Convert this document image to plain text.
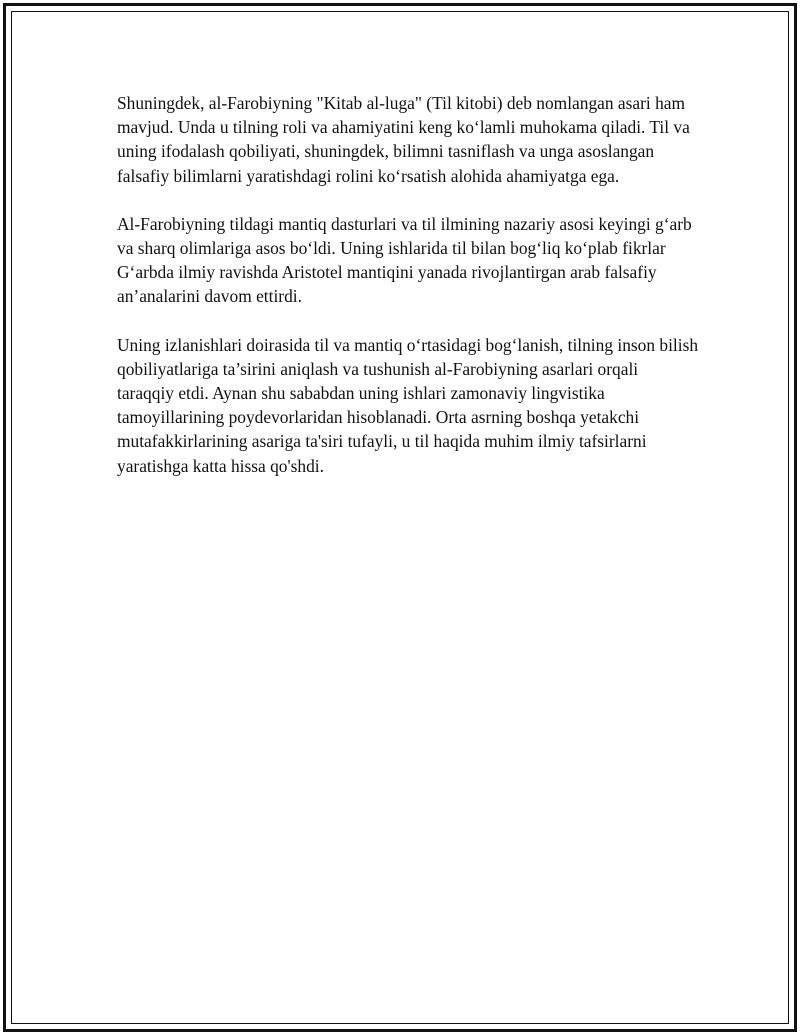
Shuningdek, al-Farobiyning "Kitab al-luga" (Til kitobi) deb nomlangan asari ham mavjud. Unda u tilning roli va ahamiyatini keng ko‘lamli muhokama qiladi. Til va uning ifodalash qobiliyati, shuningdek, bilimni tasniflash va unga asoslangan falsafiy bilimlarni yaratishdagi rolini ko‘rsatish alohida ahamiyatga ega.

Al-Farobiyning tildagi mantiq dasturlari va til ilmining nazariy asosi keyingi g‘arb va sharq olimlariga asos bo‘ldi. Uning ishlarida til bilan bog‘liq ko‘plab fikrlar G‘arbda ilmiy ravishda Aristotel mantiqini yanada rivojlantirgan arab falsafiy an’analarini davom ettirdi.

Uning izlanishlari doirasida til va mantiq o‘rtasidagi bog‘lanish, tilning inson bilish qobiliyatlariga ta’sirini aniqlash va tushunish al-Farobiyning asarlari orqali taraqqiy etdi. Aynan shu sababdan uning ishlari zamonaviy lingvistika tamoyillarining poydevorlaridan hisoblanadi. Orta asrning boshqa yetakchi mutafakkirlarining asariga ta'siri tufayli, u til haqida muhim ilmiy tafsirlarni yaratishga katta hissa qo'shdi.
